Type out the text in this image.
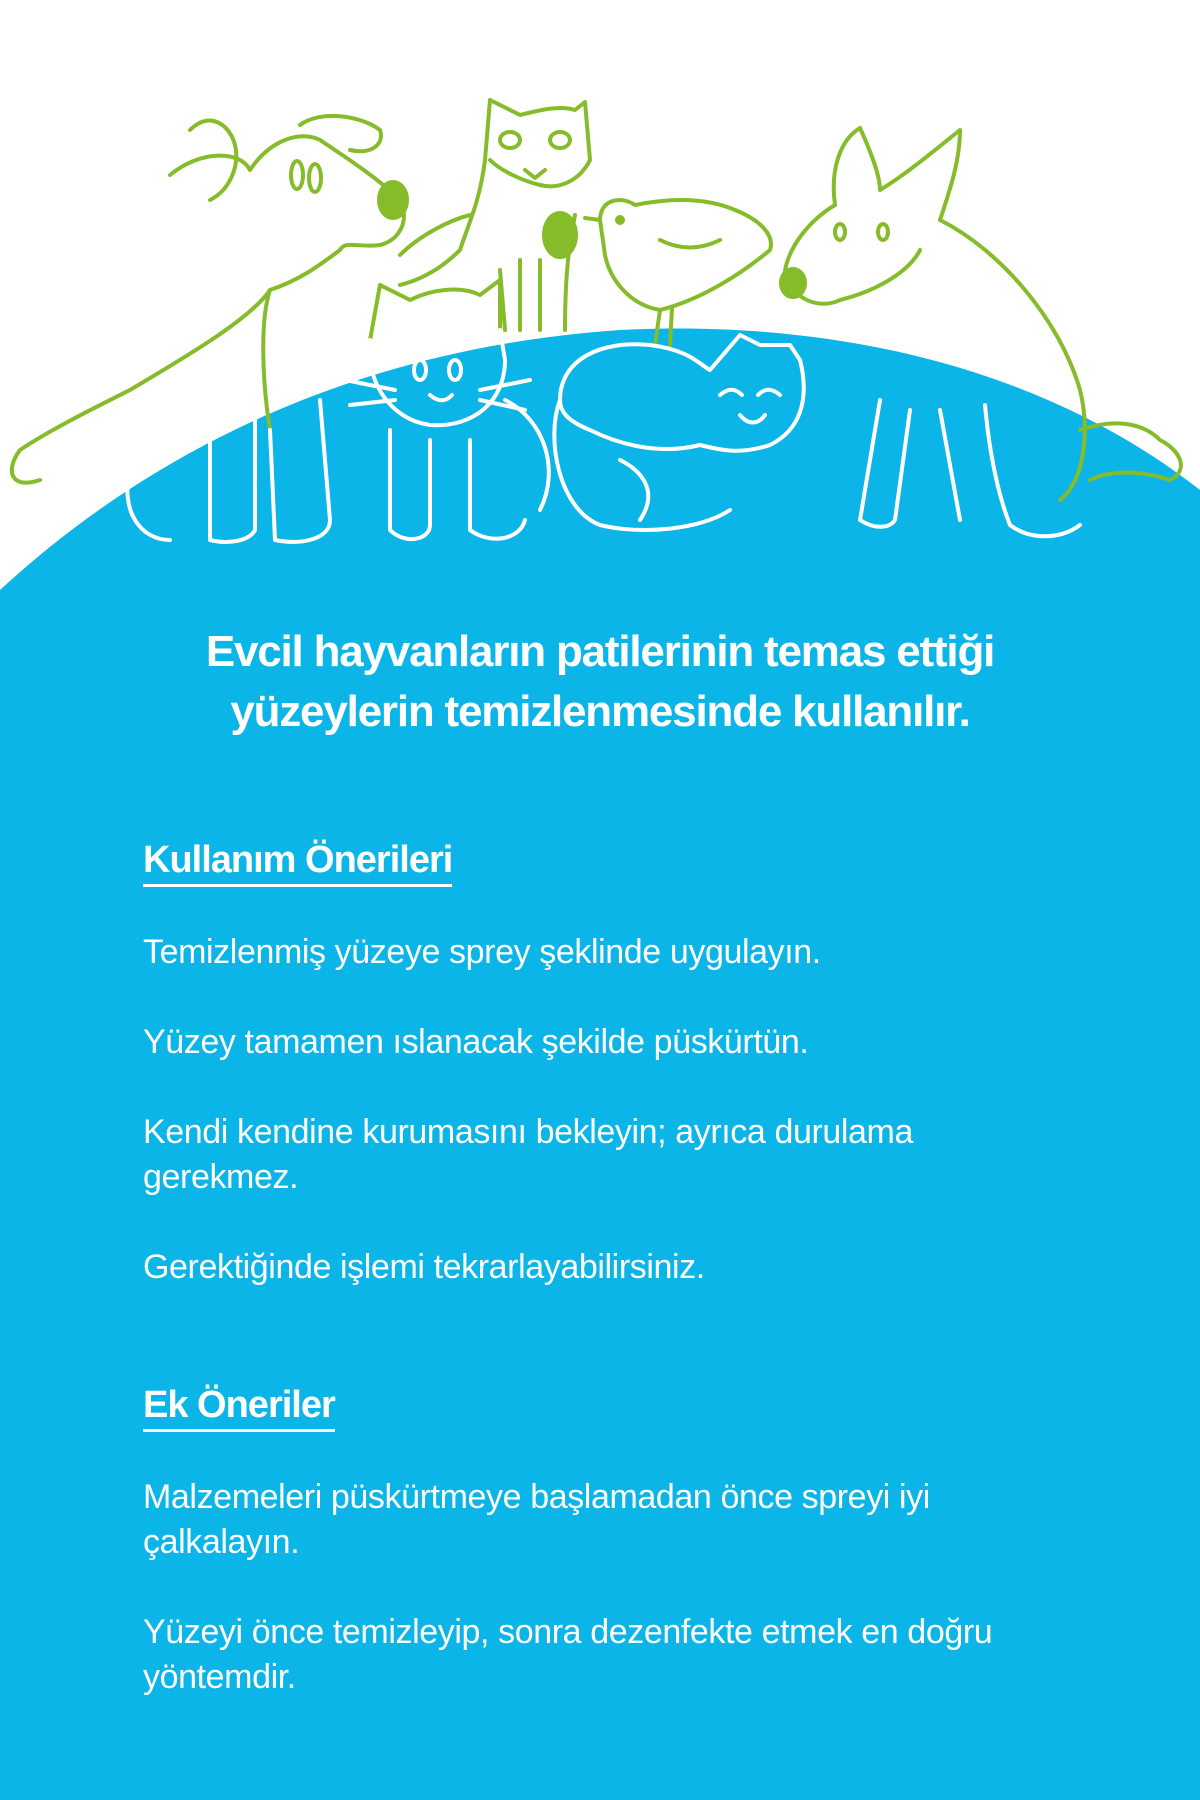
Evcil hayvanların patilerinin temas ettiği
yüzeylerin temizlenmesinde kullanılır.
Kullanım Önerileri

Temizlenmiş yüzeye sprey şeklinde uygulayın.

Yüzey tamamen ıslanacak şekilde püskürtün.

Kendi kendine kurumasını bekleyin; ayrıca durulama gerekmez.

Gerektiğinde işlemi tekrarlayabilirsiniz.

Ek Öneriler

Malzemeleri püskürtmeye başlamadan önce spreyi iyi çalkalayın.

Yüzeyi önce temizleyip, sonra dezenfekte etmek en doğru yöntemdir.
